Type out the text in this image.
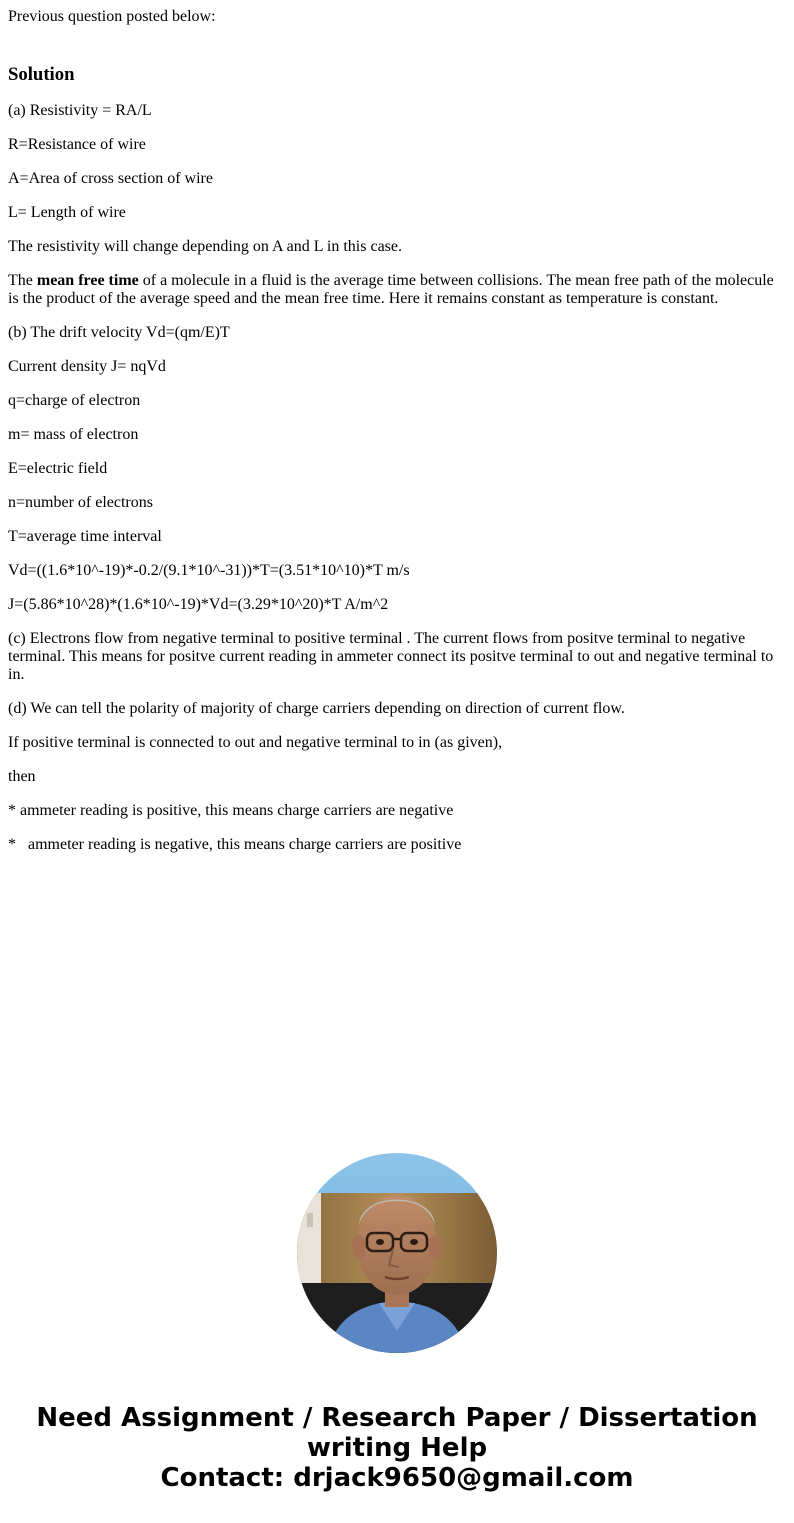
Previous question posted below:

Solution

(a) Resistivity = RA/L

R=Resistance of wire

A=Area of cross section of wire

L= Length of wire

The resistivity will change depending on A and L in this case.

The mean free time of a molecule in a fluid is the average time between collisions. The mean free path of the molecule is the product of the average speed and the mean free time. Here it remains constant as temperature is constant.

(b) The drift velocity Vd=(qm/E)T

Current density J= nqVd

q=charge of electron

m= mass of electron

E=electric field

n=number of electrons

T=average time interval

Vd=((1.6*10^-19)*-0.2/(9.1*10^-31))*T=(3.51*10^10)*T m/s

J=(5.86*10^28)*(1.6*10^-19)*Vd=(3.29*10^20)*T A/m^2

(c) Electrons flow from negative terminal to positive terminal . The current flows from positve terminal to negative terminal. This means for positve current reading in ammeter connect its positve terminal to out and negative terminal to in.

(d) We can tell the polarity of majority of charge carriers depending on direction of current flow.

If positive terminal is connected to out and negative terminal to in (as given),

then

* ammeter reading is positive, this means charge carriers are negative

*   ammeter reading is negative, this means charge carriers are positive

Need Assignment / Research Paper / Dissertation
writing Help
Contact: drjack9650@gmail.com
